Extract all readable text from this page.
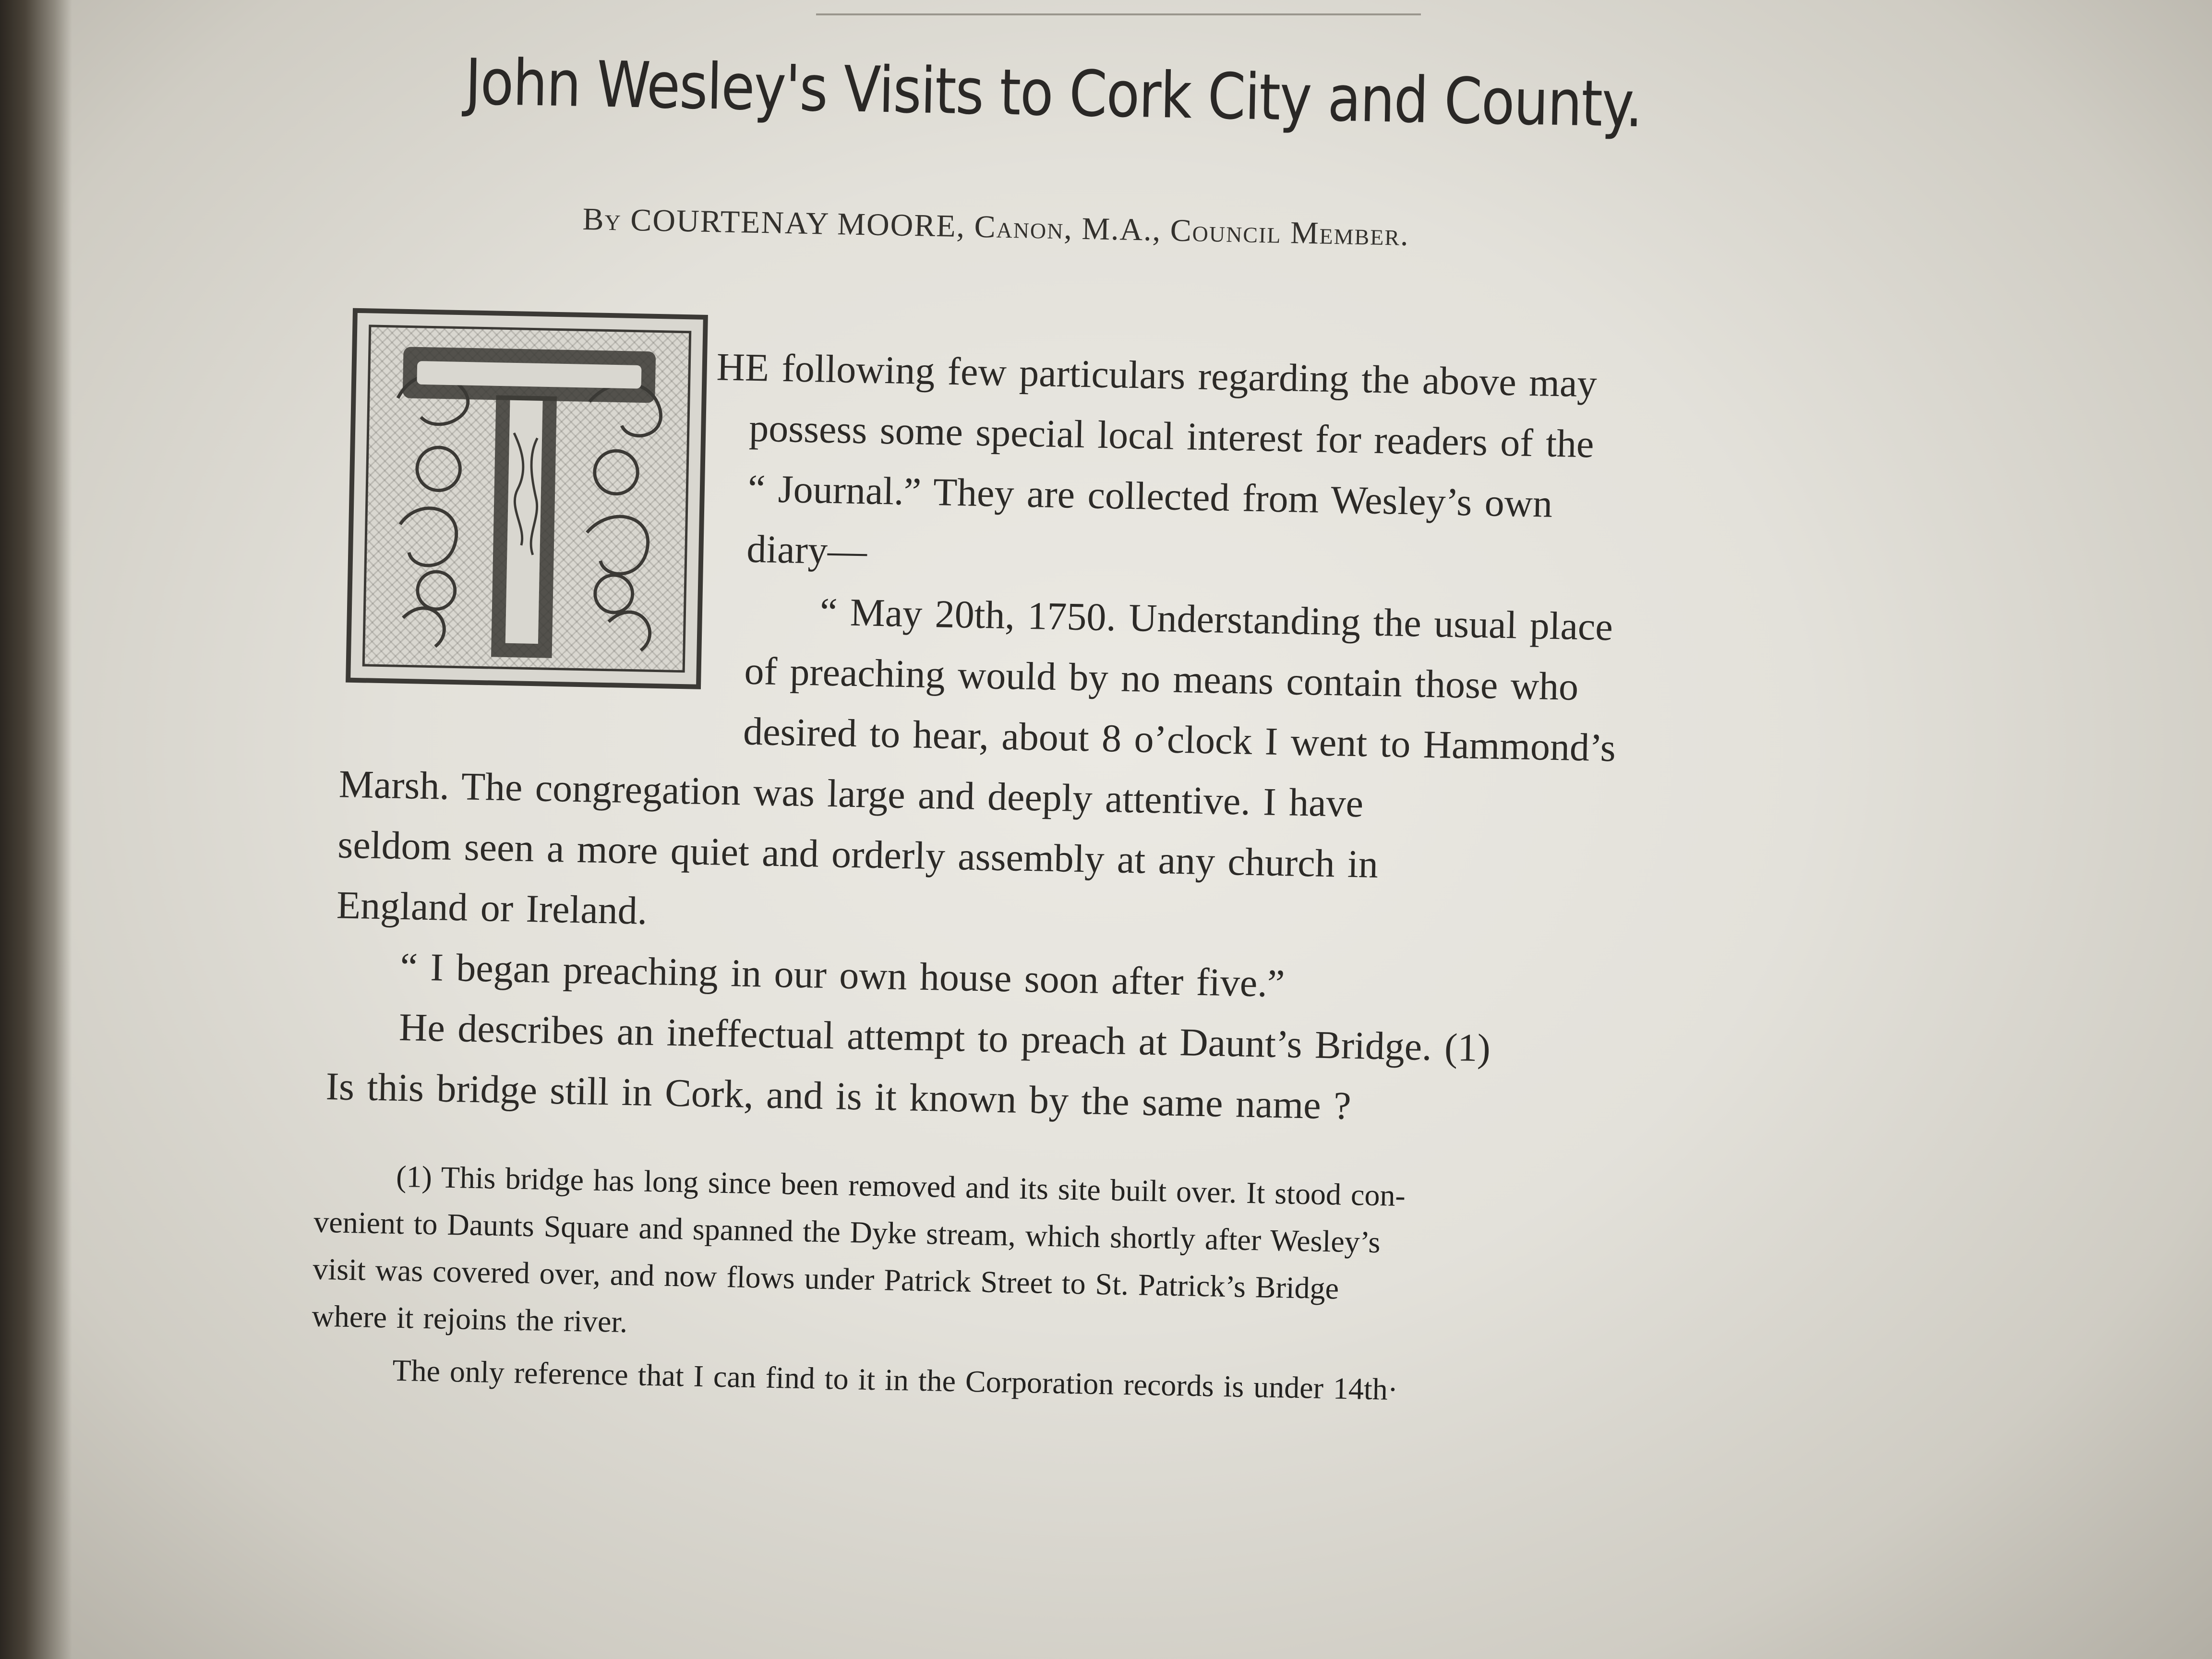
John Wesley's Visits to Cork City and County.

By COURTENAY MOORE, Canon, M.A., Council Member.

HE following few particulars regarding the above may

possess some special local interest for readers of the

“ Journal.” They are collected from Wesley’s own

diary—

“ May 20th, 1750. Understanding the usual place

of preaching would by no means contain those who

desired to hear, about 8 o’clock I went to Hammond’s

Marsh. The congregation was large and deeply attentive. I have

seldom seen a more quiet and orderly assembly at any church in

England or Ireland.

“ I began preaching in our own house soon after five.”

He describes an ineffectual attempt to preach at Daunt’s Bridge. (1)

Is this bridge still in Cork, and is it known by the same name ?

(1) This bridge has long since been removed and its site built over. It stood con-

venient to Daunts Square and spanned the Dyke stream, which shortly after Wesley’s

visit was covered over, and now flows under Patrick Street to St. Patrick’s Bridge

where it rejoins the river.

The only reference that I can find to it in the Corporation records is under 14th·
